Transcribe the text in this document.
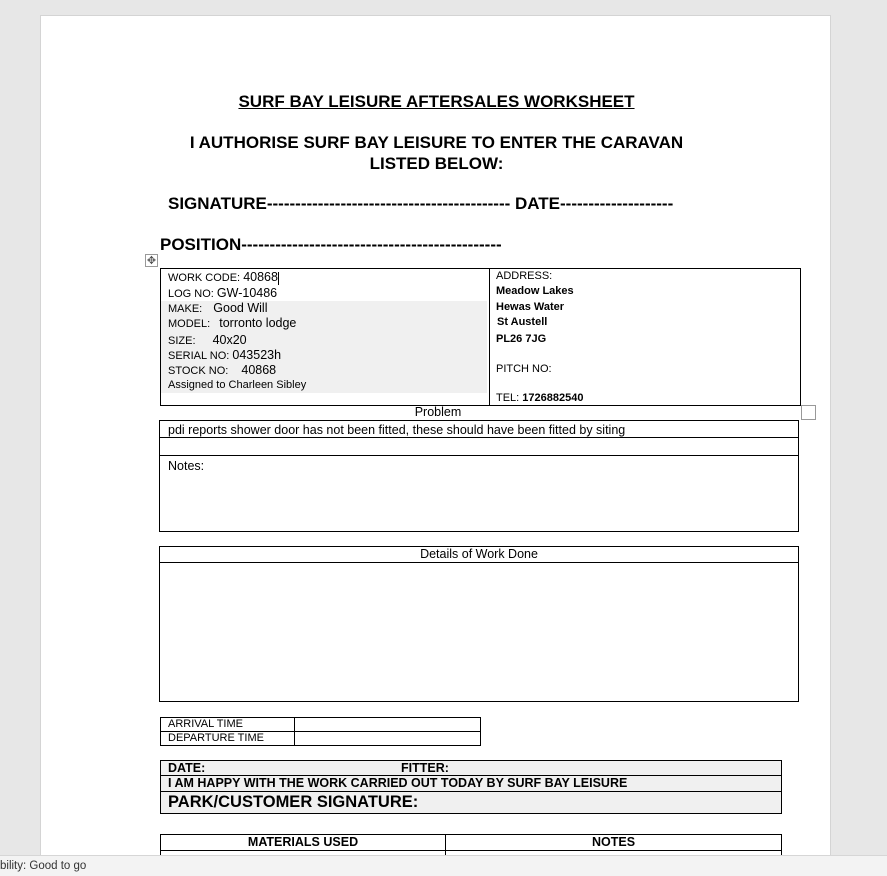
SURF BAY LEISURE AFTERSALES WORKSHEET
I AUTHORISE SURF BAY LEISURE TO ENTER THE CARAVAN
LISTED BELOW:
SIGNATURE------------------------------------------- DATE--------------------
POSITION----------------------------------------------
✥
WORK CODE: 40868
LOG NO: GW-10486
MAKE: Good Will
MODEL: torronto lodge
SIZE: 40x20
SERIAL NO: 043523h
STOCK NO: 40868
Assigned to Charleen Sibley
ADDRESS:
Meadow Lakes
Hewas Water
St Austell
PL26 7JG
PITCH NO:
TEL: 1726882540
Problem
pdi reports shower door has not been fitted, these should have been fitted by siting
Notes:
Details of Work Done
ARRIVAL TIME
DEPARTURE TIME
DATE:	FITTER:
I AM HAPPY WITH THE WORK CARRIED OUT TODAY BY SURF BAY LEISURE
PARK/CUSTOMER SIGNATURE:
MATERIALS USED	NOTES
bility: Good to go
